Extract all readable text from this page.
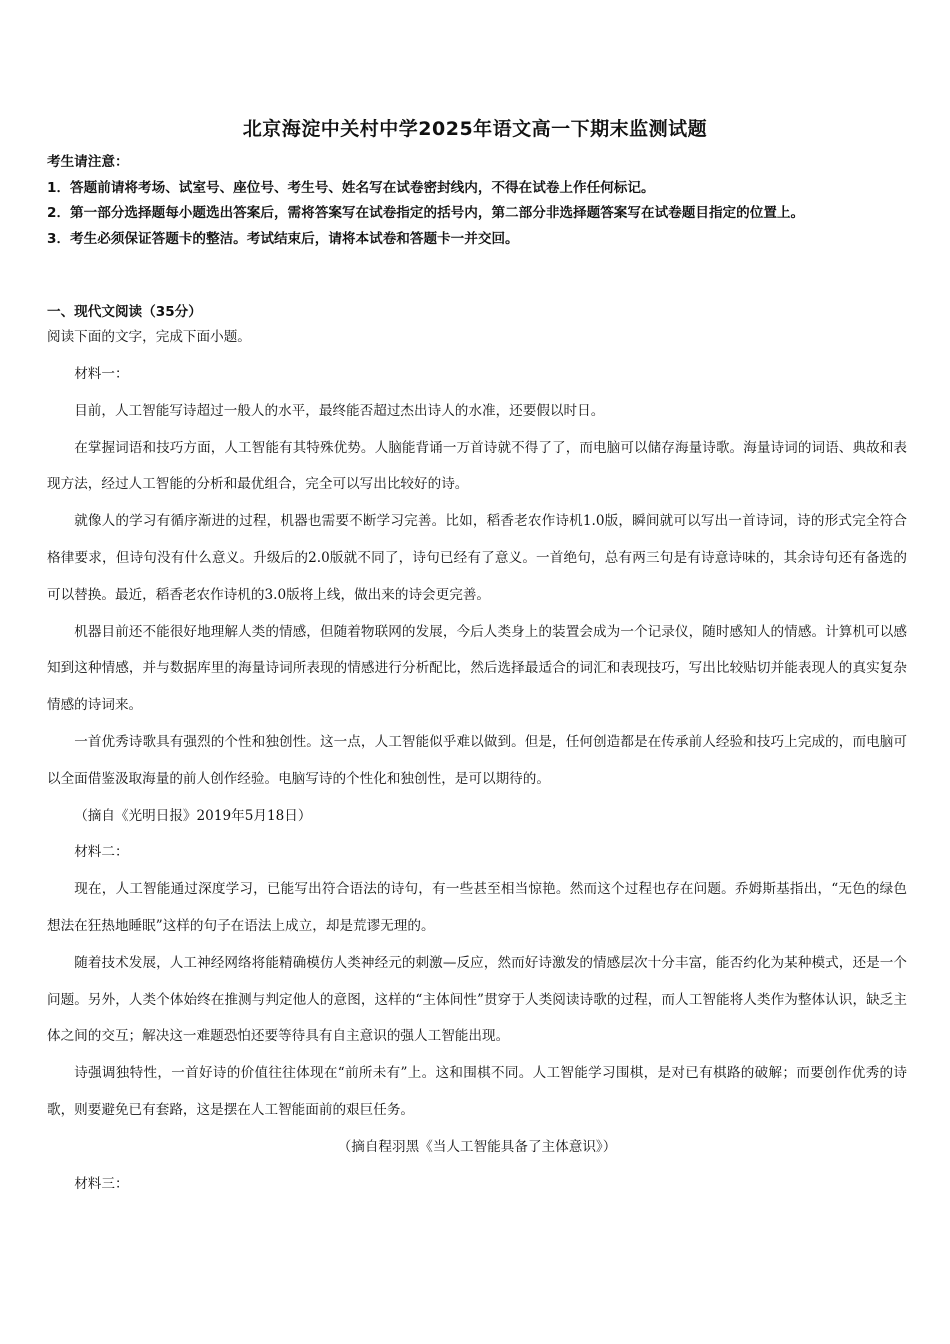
北京海淀中关村中学2025年语文高一下期末监测试题
考生请注意：
1．答题前请将考场、试室号、座位号、考生号、姓名写在试卷密封线内，不得在试卷上作任何标记。
2．第一部分选择题每小题选出答案后，需将答案写在试卷指定的括号内，第二部分非选择题答案写在试卷题目指定的位置上。
3．考生必须保证答题卡的整洁。考试结束后，请将本试卷和答题卡一并交回。
一、现代文阅读（35分）
阅读下面的文字，完成下面小题。

材料一：

目前，人工智能写诗超过一般人的水平，最终能否超过杰出诗人的水准，还要假以时日。

在掌握词语和技巧方面，人工智能有其特殊优势。人脑能背诵一万首诗就不得了了，而电脑可以储存海量诗歌。海量诗词的词语、典故和表现方法，经过人工智能的分析和最优组合，完全可以写出比较好的诗。

就像人的学习有循序渐进的过程，机器也需要不断学习完善。比如，稻香老农作诗机1.0版，瞬间就可以写出一首诗词，诗的形式完全符合格律要求，但诗句没有什么意义。升级后的2.0版就不同了，诗句已经有了意义。一首绝句，总有两三句是有诗意诗味的，其余诗句还有备选的可以替换。最近，稻香老农作诗机的3.0版将上线，做出来的诗会更完善。

机器目前还不能很好地理解人类的情感，但随着物联网的发展，今后人类身上的装置会成为一个记录仪，随时感知人的情感。计算机可以感知到这种情感，并与数据库里的海量诗词所表现的情感进行分析配比，然后选择最适合的词汇和表现技巧，写出比较贴切并能表现人的真实复杂情感的诗词来。

一首优秀诗歌具有强烈的个性和独创性。这一点，人工智能似乎难以做到。但是，任何创造都是在传承前人经验和技巧上完成的，而电脑可以全面借鉴汲取海量的前人创作经验。电脑写诗的个性化和独创性，是可以期待的。

（摘自《光明日报》2019年5月18日）

材料二：

现在，人工智能通过深度学习，已能写出符合语法的诗句，有一些甚至相当惊艳。然而这个过程也存在问题。乔姆斯基指出，“无色的绿色想法在狂热地睡眠”这样的句子在语法上成立，却是荒谬无理的。

随着技术发展，人工神经网络将能精确模仿人类神经元的刺激—反应，然而好诗激发的情感层次十分丰富，能否约化为某种模式，还是一个问题。另外，人类个体始终在推测与判定他人的意图，这样的“主体间性”贯穿于人类阅读诗歌的过程，而人工智能将人类作为整体认识，缺乏主体之间的交互；解决这一难题恐怕还要等待具有自主意识的强人工智能出现。

诗强调独特性，一首好诗的价值往往体现在“前所未有”上。这和围棋不同。人工智能学习围棋，是对已有棋路的破解；而要创作优秀的诗歌，则要避免已有套路，这是摆在人工智能面前的艰巨任务。

（摘自程羽黑《当人工智能具备了主体意识》）

材料三：
